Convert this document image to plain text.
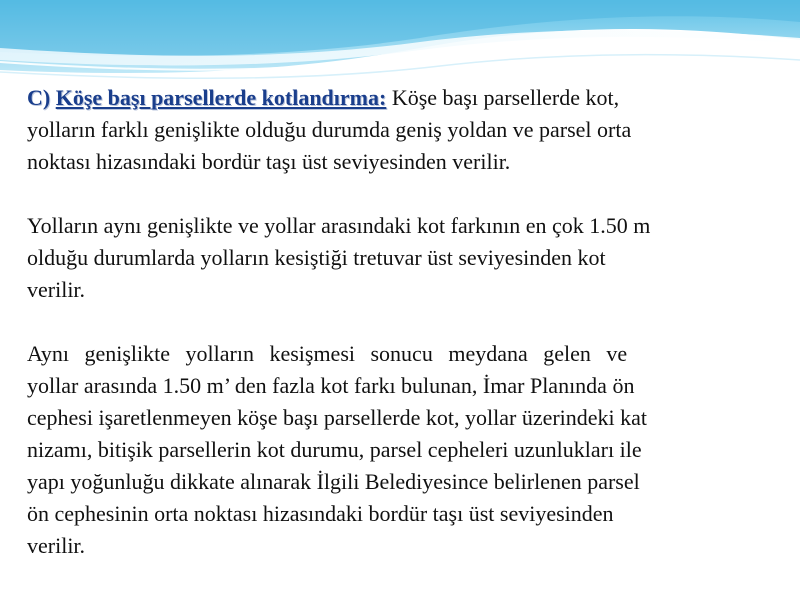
C) Köşe başı parsellerde kotlandırma: Köşe başı parsellerde kot,
yolların farklı genişlikte olduğu durumda geniş yoldan ve parsel orta
noktası hizasındaki bordür taşı üst seviyesinden verilir.

Yolların aynı genişlikte ve yollar arasındaki kot farkının en çok 1.50 m
olduğu durumlarda yolların kesiştiği tretuvar üst seviyesinden kot
verilir.

Aynı genişlikte yolların kesişmesi sonucu meydana gelen ve
yollar arasında 1.50 m’ den fazla kot farkı bulunan, İmar Planında ön
cephesi işaretlenmeyen köşe başı parsellerde kot, yollar üzerindeki kat
nizamı, bitişik parsellerin kot durumu, parsel cepheleri uzunlukları ile
yapı yoğunluğu dikkate alınarak İlgili Belediyesince belirlenen parsel
ön cephesinin orta noktası hizasındaki bordür taşı üst seviyesinden
verilir.
